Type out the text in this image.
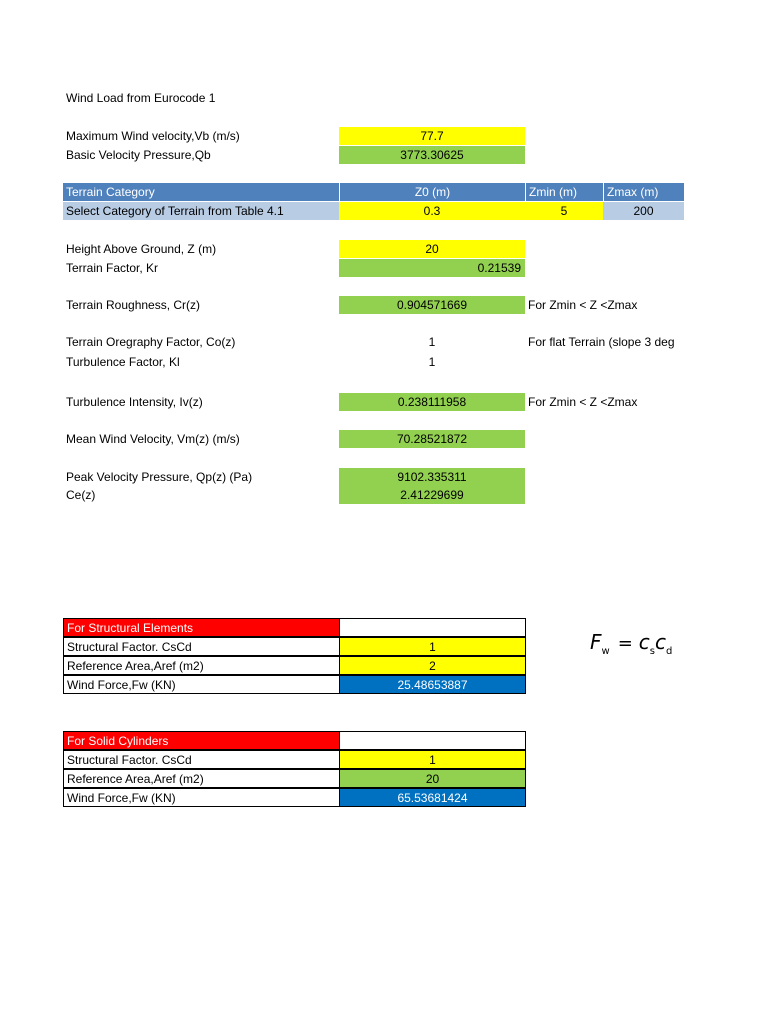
Wind Load from Eurocode 1
Maximum Wind velocity,Vb (m/s)	77.7
Basic Velocity Pressure,Qb	3773.30625
Terrain Category	Z0 (m)	Zmin (m)	Zmax (m)
Select Category of Terrain from Table 4.1	0.3	5	200
Height Above Ground, Z (m)	20
Terrain Factor, Kr	0.21539
Terrain Roughness, Cr(z)	0.904571669	For Zmin < Z <Zmax
Terrain Oregraphy Factor, Co(z)	1	For flat Terrain (slope 3 deg
Turbulence Factor, Kl	1
Turbulence Intensity, Iv(z)	0.238111958	For Zmin < Z <Zmax
Mean Wind Velocity, Vm(z) (m/s)	70.28521872
Peak Velocity Pressure, Qp(z) (Pa)	9102.335311
Ce(z)	2.41229699
For Structural Elements
Structural Factor. CsCd	1
Reference Area,Aref (m2)	2
Wind Force,Fw (KN)	25.48653887
$F_w = c_sc_d$
For Solid Cylinders
Structural Factor. CsCd	1
Reference Area,Aref (m2)	20
Wind Force,Fw (KN)	65.53681424
